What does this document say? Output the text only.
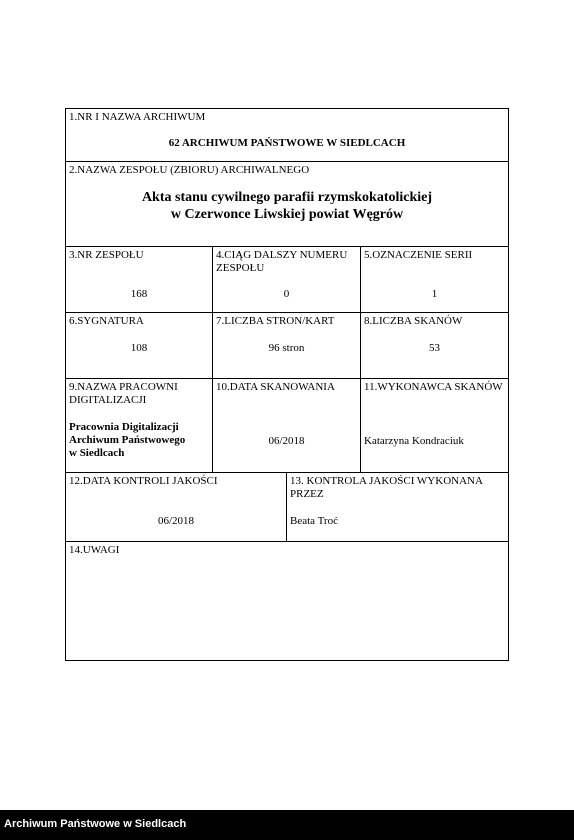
1.NR I NAZWA ARCHIWUM
62 ARCHIWUM PAŃSTWOWE W SIEDLCACH
2.NAZWA ZESPOŁU (ZBIORU) ARCHIWALNEGO
Akta stanu cywilnego parafii rzymskokatolickiej
w Czerwonce Liwskiej powiat Węgrów
3.NR ZESPOŁU
168
4.CIĄG DALSZY NUMERU ZESPOŁU
0
5.OZNACZENIE SERII
1
6.SYGNATURA
108
7.LICZBA STRON/KART
96 stron
8.LICZBA SKANÓW
53
9.NAZWA PRACOWNI DIGITALIZACJI
Pracownia Digitalizacji
Archiwum Państwowego
w Siedlcach
10.DATA SKANOWANIA
06/2018
11.WYKONAWCA SKANÓW
Katarzyna Kondraciuk
12.DATA KONTROLI JAKOŚCI
06/2018
13. KONTROLA JAKOŚCI WYKONANA PRZEZ
Beata Troć
14.UWAGI
Archiwum Państwowe w Siedlcach
